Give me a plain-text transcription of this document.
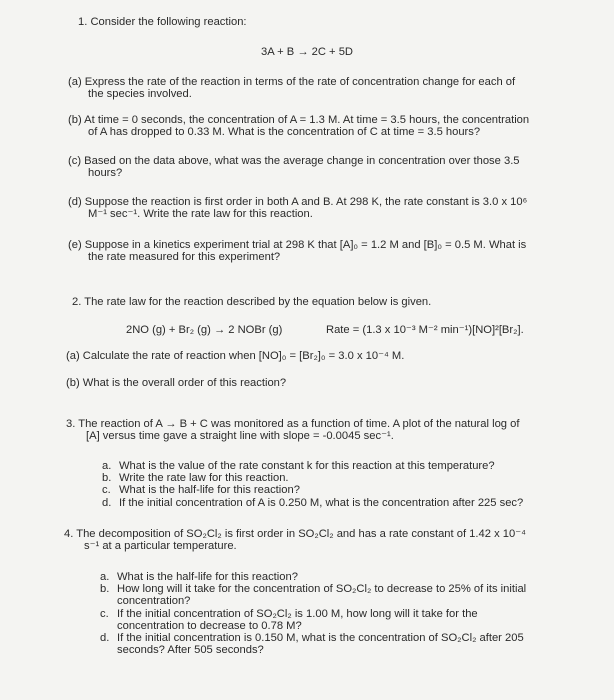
1. Consider the following reaction:
3A + B → 2C + 5D
(a) Express the rate of the reaction in terms of the rate of concentration change for each of
the species involved.
(b) At time = 0 seconds, the concentration of A = 1.3 M. At time = 3.5 hours, the concentration
of A has dropped to 0.33 M. What is the concentration of C at time = 3.5 hours?
(c) Based on the data above, what was the average change in concentration over those 3.5
hours?
(d) Suppose the reaction is first order in both A and B. At 298 K, the rate constant is 3.0 x 10⁶
M⁻¹ sec⁻¹. Write the rate law for this reaction.
(e) Suppose in a kinetics experiment trial at 298 K that [A]₀ = 1.2 M and [B]₀ = 0.5 M. What is
the rate measured for this experiment?
2. The rate law for the reaction described by the equation below is given.
2NO (g) + Br₂ (g) → 2 NOBr (g)	Rate = (1.3 x 10⁻³ M⁻² min⁻¹)[NO]²[Br₂].
(a) Calculate the rate of reaction when [NO]₀ = [Br₂]₀ = 3.0 x 10⁻⁴ M.
(b) What is the overall order of this reaction?
3. The reaction of A → B + C was monitored as a function of time. A plot of the natural log of
[A] versus time gave a straight line with slope = -0.0045 sec⁻¹.
a. What is the value of the rate constant k for this reaction at this temperature?
b. Write the rate law for this reaction.
c. What is the half-life for this reaction?
d. If the initial concentration of A is 0.250 M, what is the concentration after 225 sec?
4. The decomposition of SO₂Cl₂ is first order in SO₂Cl₂ and has a rate constant of 1.42 x 10⁻⁴
s⁻¹ at a particular temperature.
a. What is the half-life for this reaction?
b. How long will it take for the concentration of SO₂Cl₂ to decrease to 25% of its initial
concentration?
c. If the initial concentration of SO₂Cl₂ is 1.00 M, how long will it take for the
concentration to decrease to 0.78 M?
d. If the initial concentration is 0.150 M, what is the concentration of SO₂Cl₂ after 205
seconds? After 505 seconds?
